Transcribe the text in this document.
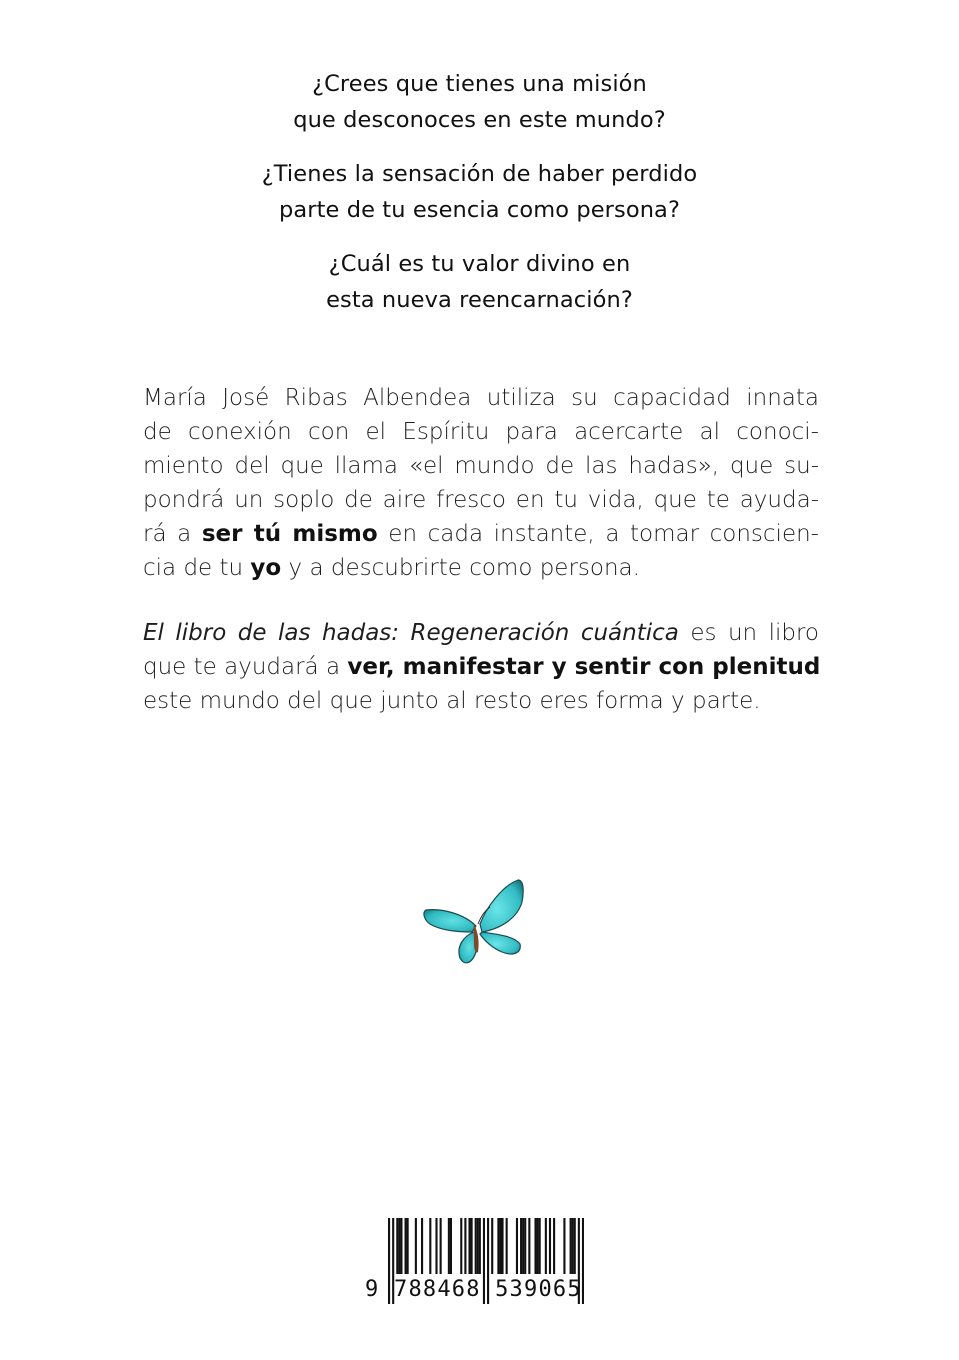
¿Crees que tienes una misión
que desconoces en este mundo?
¿Tienes la sensación de haber perdido
parte de tu esencia como persona?
¿Cuál es tu valor divino en
esta nueva reencarnación?
María José Ribas Albendea utiliza su capacidad innata
de conexión con el Espíritu para acercarte al conoci-
miento del que llama «el mundo de las hadas», que su-
pondrá un soplo de aire fresco en tu vida, que te ayuda-
rá a ser tú mismo en cada instante, a tomar conscien-
cia de tu yo y a descubrirte como persona.
El libro de las hadas: Regeneración cuántica es un libro
que te ayudará a ver, manifestar y sentir con plenitud
este mundo del que junto al resto eres forma y parte.
9 788468 539065
